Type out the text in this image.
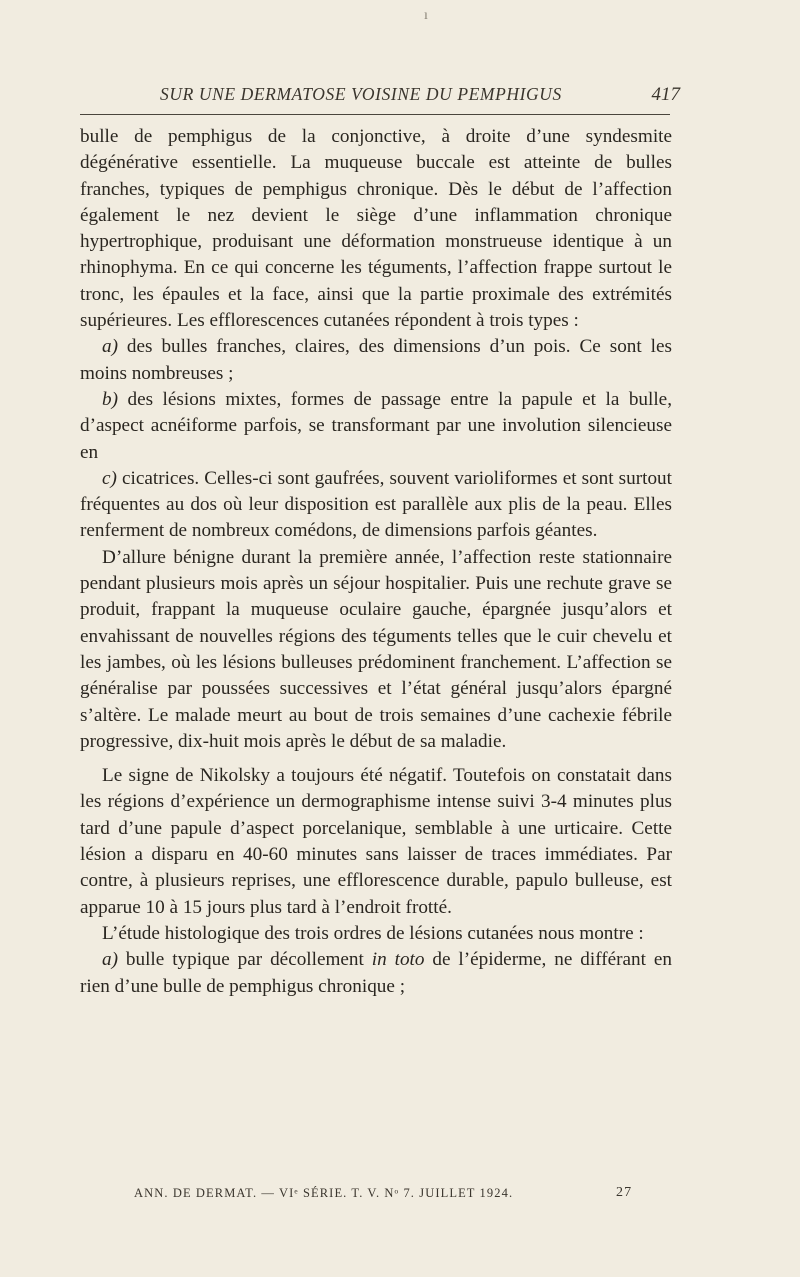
ı
SUR UNE DERMATOSE VOISINE DU PEMPHIGUS	417

bulle de pemphigus de la conjonctive, à droite d’une syndesmite dégénérative essentielle. La muqueuse buccale est atteinte de bulles franches, typiques de pemphigus chronique. Dès le début de l’affection également le nez devient le siège d’une inflammation chronique hypertrophique, produisant une déformation monstrueuse identique à un rhinophyma. En ce qui concerne les téguments, l’affection frappe surtout le tronc, les épaules et la face, ainsi que la partie proximale des extrémités supérieures. Les efflorescences cutanées répondent à trois types :

a) des bulles franches, claires, des dimensions d’un pois. Ce sont les moins nombreuses ;

b) des lésions mixtes, formes de passage entre la papule et la bulle, d’aspect acnéiforme parfois, se transformant par une involution silencieuse en

c) cicatrices. Celles-ci sont gaufrées, souvent varioliformes et sont surtout fréquentes au dos où leur disposition est parallèle aux plis de la peau. Elles renferment de nombreux comédons, de dimensions parfois géantes.

D’allure bénigne durant la première année, l’affection reste stationnaire pendant plusieurs mois après un séjour hospitalier. Puis une rechute grave se produit, frappant la muqueuse oculaire gauche, épargnée jusqu’alors et envahissant de nouvelles régions des téguments telles que le cuir chevelu et les jambes, où les lésions bulleuses prédominent franchement. L’affection se généralise par poussées successives et l’état général jusqu’alors épargné s’altère. Le malade meurt au bout de trois semaines d’une cachexie fébrile progressive, dix-huit mois après le début de sa maladie.

Le signe de Nikolsky a toujours été négatif. Toutefois on constatait dans les régions d’expérience un dermographisme intense suivi 3-4 minutes plus tard d’une papule d’aspect porcelanique, semblable à une urticaire. Cette lésion a disparu en 40-60 minutes sans laisser de traces immédiates. Par contre, à plusieurs reprises, une efflorescence durable, papulo bulleuse, est apparue 10 à 15 jours plus tard à l’endroit frotté.

L’étude histologique des trois ordres de lésions cutanées nous montre :

a) bulle typique par décollement in toto de l’épiderme, ne différant en rien d’une bulle de pemphigus chronique ;

ANN. DE DERMAT. — VIᵉ SÉRIE. T. V. Nᵒ 7. JUILLET 1924.	27
